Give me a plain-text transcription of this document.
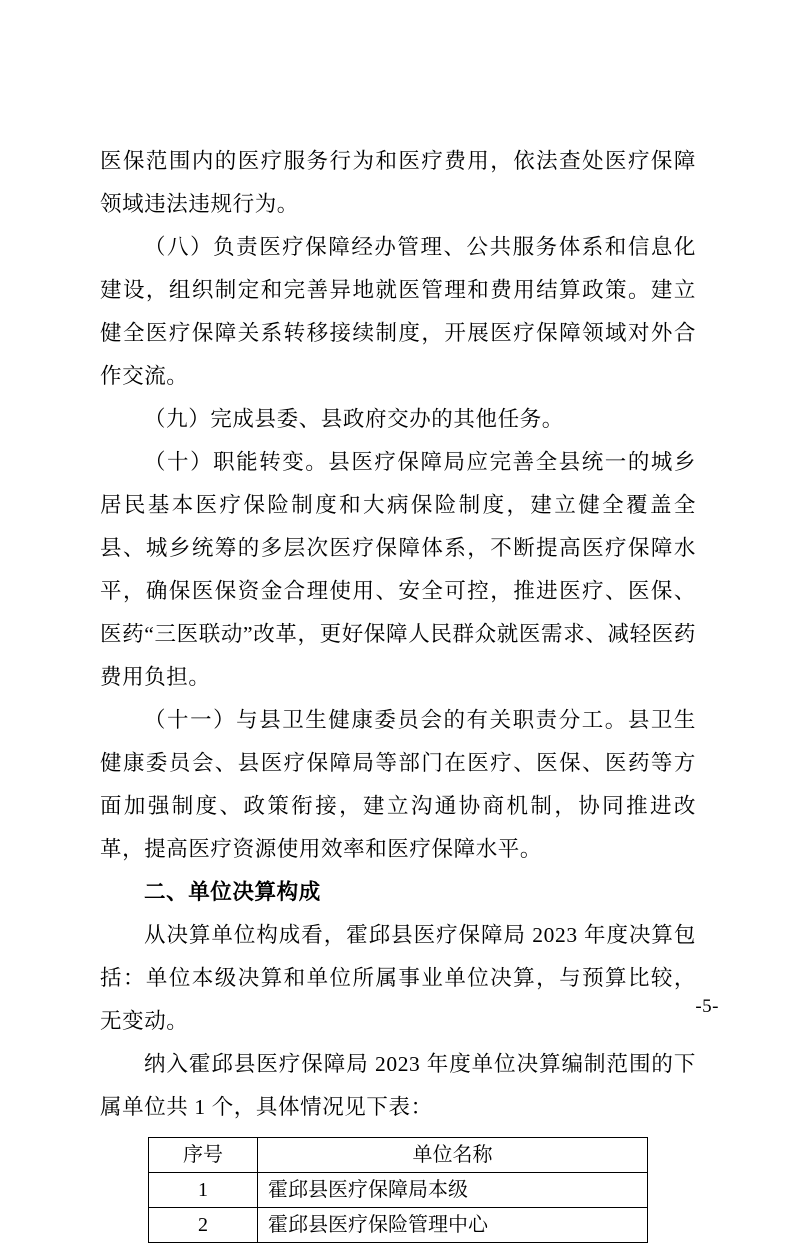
医保范围内的医疗服务行为和医疗费用，依法查处医疗保障领域违法违规行为。

（八）负责医疗保障经办管理、公共服务体系和信息化建设，组织制定和完善异地就医管理和费用结算政策。建立健全医疗保障关系转移接续制度，开展医疗保障领域对外合作交流。

（九）完成县委、县政府交办的其他任务。

（十）职能转变。县医疗保障局应完善全县统一的城乡居民基本医疗保险制度和大病保险制度，建立健全覆盖全县、城乡统筹的多层次医疗保障体系，不断提高医疗保障水平，确保医保资金合理使用、安全可控，推进医疗、医保、医药“三医联动”改革，更好保障人民群众就医需求、减轻医药费用负担。

（十一）与县卫生健康委员会的有关职责分工。县卫生健康委员会、县医疗保障局等部门在医疗、医保、医药等方面加强制度、政策衔接，建立沟通协商机制，协同推进改革，提高医疗资源使用效率和医疗保障水平。

二、单位决算构成

从决算单位构成看，霍邱县医疗保障局 2023 年度决算包括：单位本级决算和单位所属事业单位决算，与预算比较，无变动。

纳入霍邱县医疗保障局 2023 年度单位决算编制范围的下属单位共 1 个，具体情况见下表：

序号	单位名称
1	霍邱县医疗保障局本级
2	霍邱县医疗保险管理中心
-5-
